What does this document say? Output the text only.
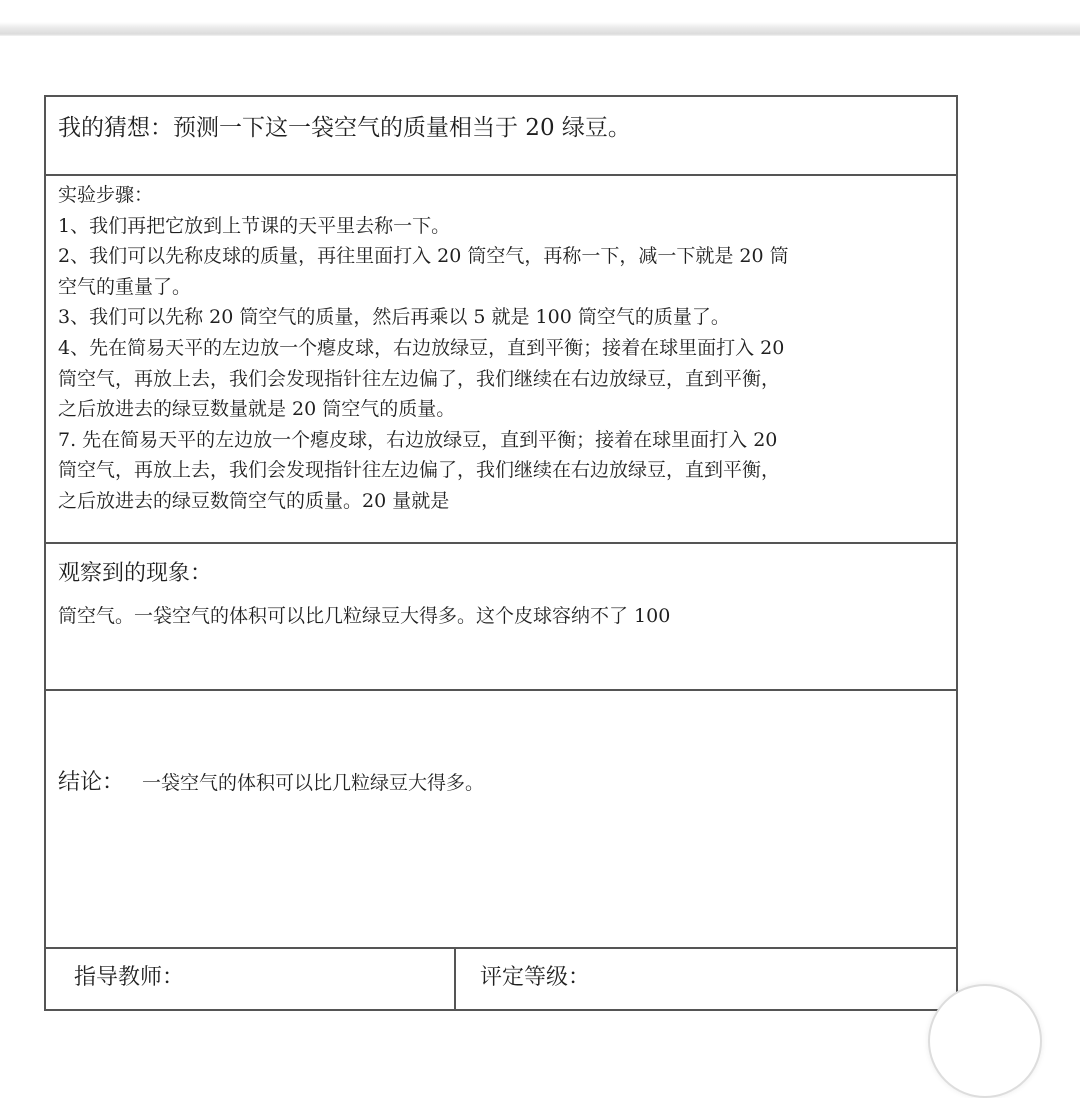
我的猜想：预测一下这一袋空气的质量相当于 20 绿豆。

实验步骤：

1、我们再把它放到上节课的天平里去称一下。

2、我们可以先称皮球的质量，再往里面打入 20 筒空气，再称一下，减一下就是 20 筒

空气的重量了。

3、我们可以先称 20 筒空气的质量，然后再乘以 5 就是 100 筒空气的质量了。

4、先在简易天平的左边放一个瘪皮球，右边放绿豆，直到平衡；接着在球里面打入 20

筒空气，再放上去，我们会发现指针往左边偏了，我们继续在右边放绿豆，直到平衡，

之后放进去的绿豆数量就是 20 筒空气的质量。

7. 先在简易天平的左边放一个瘪皮球，右边放绿豆，直到平衡；接着在球里面打入 20

筒空气，再放上去，我们会发现指针往左边偏了，我们继续在右边放绿豆，直到平衡，

之后放进去的绿豆数筒空气的质量。20 量就是

观察到的现象：

筒空气。一袋空气的体积可以比几粒绿豆大得多。这个皮球容纳不了 100

结论： 一袋空气的体积可以比几粒绿豆大得多。
指导教师：	评定等级：
